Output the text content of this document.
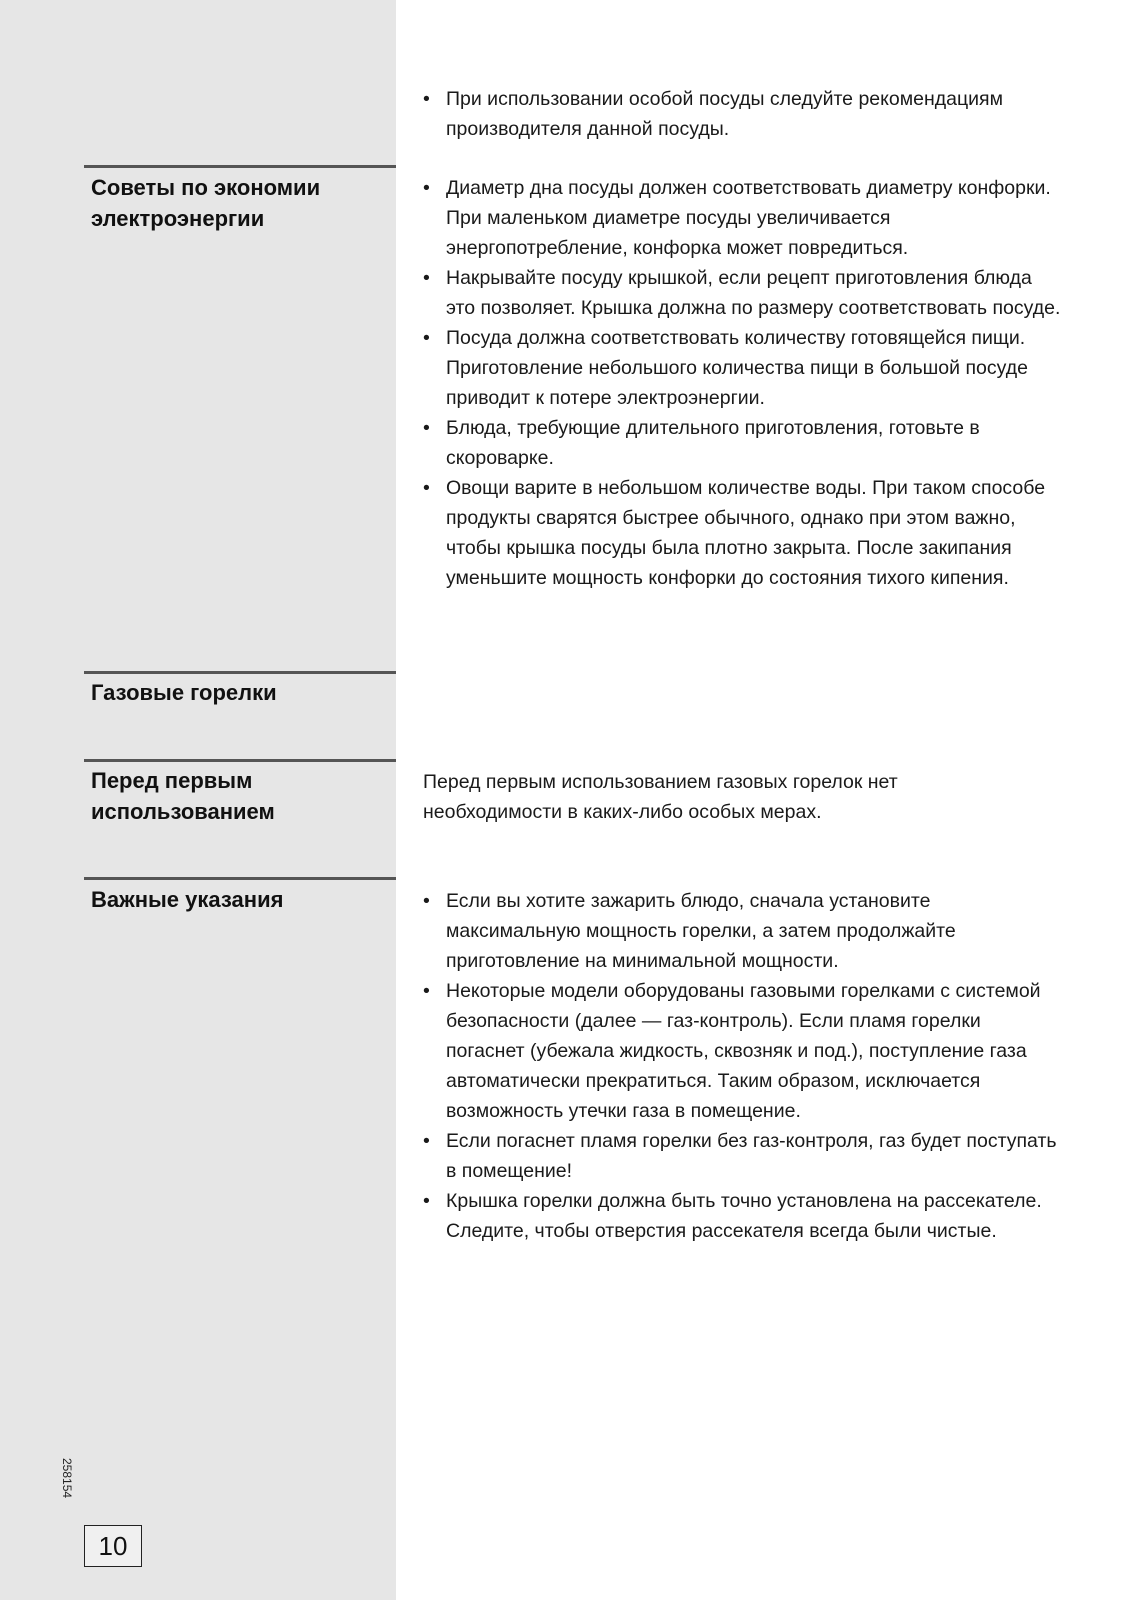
• При использовании особой посуды следуйте рекомендациям производителя данной посуды.
Советы по экономии
электроэнергии
• Диаметр дна посуды должен соответствовать диаметру конфорки. При маленьком диаметре посуды увеличивается энергопотребление, конфорка может повредиться.
• Накрывайте посуду крышкой, если рецепт приготовления блюда это позволяет. Крышка должна по размеру соответствовать посуде.
• Посуда должна соответствовать количеству готовящейся пищи. Приготовление небольшого количества пищи в большой посуде приводит к потере электроэнергии.
• Блюда, требующие длительного приготовления, готовьте в скороварке.
• Овощи варите в небольшом количестве воды. При таком способе продукты сварятся быстрее обычного, однако при этом важно, чтобы крышка посуды была плотно закрыта. После закипания уменьшите мощность конфорки до состояния тихого кипения.
Газовые горелки
Перед первым
использованием

Перед первым использованием газовых горелок нет необходимости в каких-либо особых мерах.

Важные указания
•	Если вы хотите зажарить блюдо, сначала установите максимальную мощность горелки, а затем продолжайте приготовление на минимальной мощности.
• Некоторые модели оборудованы газовыми горелками с системой безопасности (далее — газ-контроль). Если пламя горелки погаснет (убежала жидкость, сквозняк и под.), поступление газа автоматически прекратиться. Таким образом, исключается возможность утечки газа в помещение.
• Если погаснет пламя горелки без газ-контроля, газ будет поступать в помещение!
• Крышка горелки должна быть точно установлена на рассекателе. Следите, чтобы отверстия рассекателя всегда были чистые.
258154
10
